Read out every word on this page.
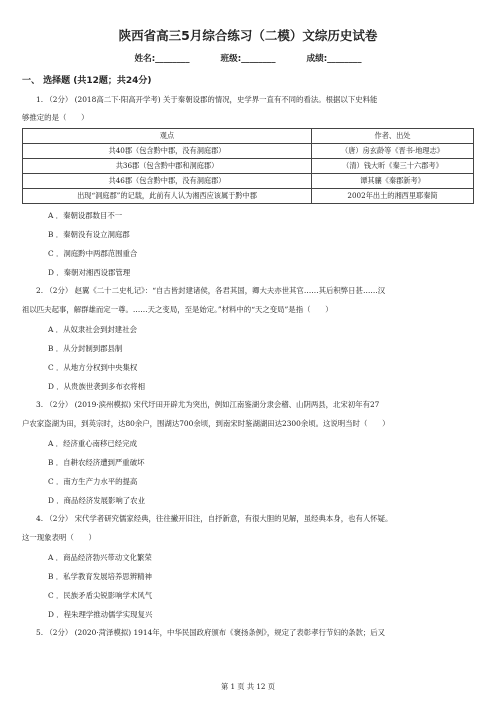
陕西省高三5月综合练习（二模）文综历史试卷
姓名:________	班级:________	成绩:________
一、 选择题 (共12题；共24分)
1. （2分） (2018高二下·阳高开学考) 关于秦朝设郡的情况，史学界一直有不同的看法。根据以下史料能
够推定的是（　　）
观点	作者、出处
共40郡（包含黔中郡，没有洞庭郡）	（唐）房玄龄等《晋书·地理志》
共36郡（包含黔中郡和洞庭郡）	（清）钱大昕《秦三十六郡考》
共46郡（包含黔中郡，没有洞庭郡）	谭其骧《秦郡新考》
出现“洞庭郡”的记载，此前有人认为湘西应该属于黔中郡	2002年出土的湘西里耶秦简
A ．秦朝设郡数目不一
B ．秦朝没有设立洞庭郡
C ．洞庭黔中两郡范围重合
D ．秦朝对湘西设郡管理
2. （2分） 赵翼《二十二史札记》：“自古皆封建诸侯，各君其国，卿大夫亦世其官……其后积弊日甚……汉
祖以匹夫起事，解群雄而定一尊。……天之变局，至是始定。”材料中的“天之变局”是指（　　）
A ．从奴隶社会到封建社会
B ．从分封制到郡县制
C ．从地方分权到中央集权
D ．从贵族世袭到多布衣将相
3. （2分） (2019·滨州模拟) 宋代圩田开辟尤为突出，例如江南鉴湖分隶会稽、山阴两县，北宋初年有27
户农家盗湖为田，到英宗时，达80余户，围湖达700余顷，到南宋时鉴湖湖田达2300余顷。这说明当时（　　）
A ．经济重心南移已经完成
B ．自耕农经济遭到严重破坏
C ．南方生产力水平的提高
D ．商品经济发展影响了农业
4. （2分） 宋代学者研究儒家经典，往往撇开旧注，自抒新意，有很大胆的见解，虽经典本身，也有人怀疑。
这一现象表明（　　）
A ．商品经济勃兴带动文化繁荣
B ．私学教育发展培养思辨精神
C ．民族矛盾尖锐影响学术风气
D ．程朱理学推动儒学实现复兴
5. （2分） (2020·菏泽模拟) 1914年，中华民国政府颁布《褒扬条例》，规定了表彰孝行节妇的条款；后又
第 1 页 共 12 页
